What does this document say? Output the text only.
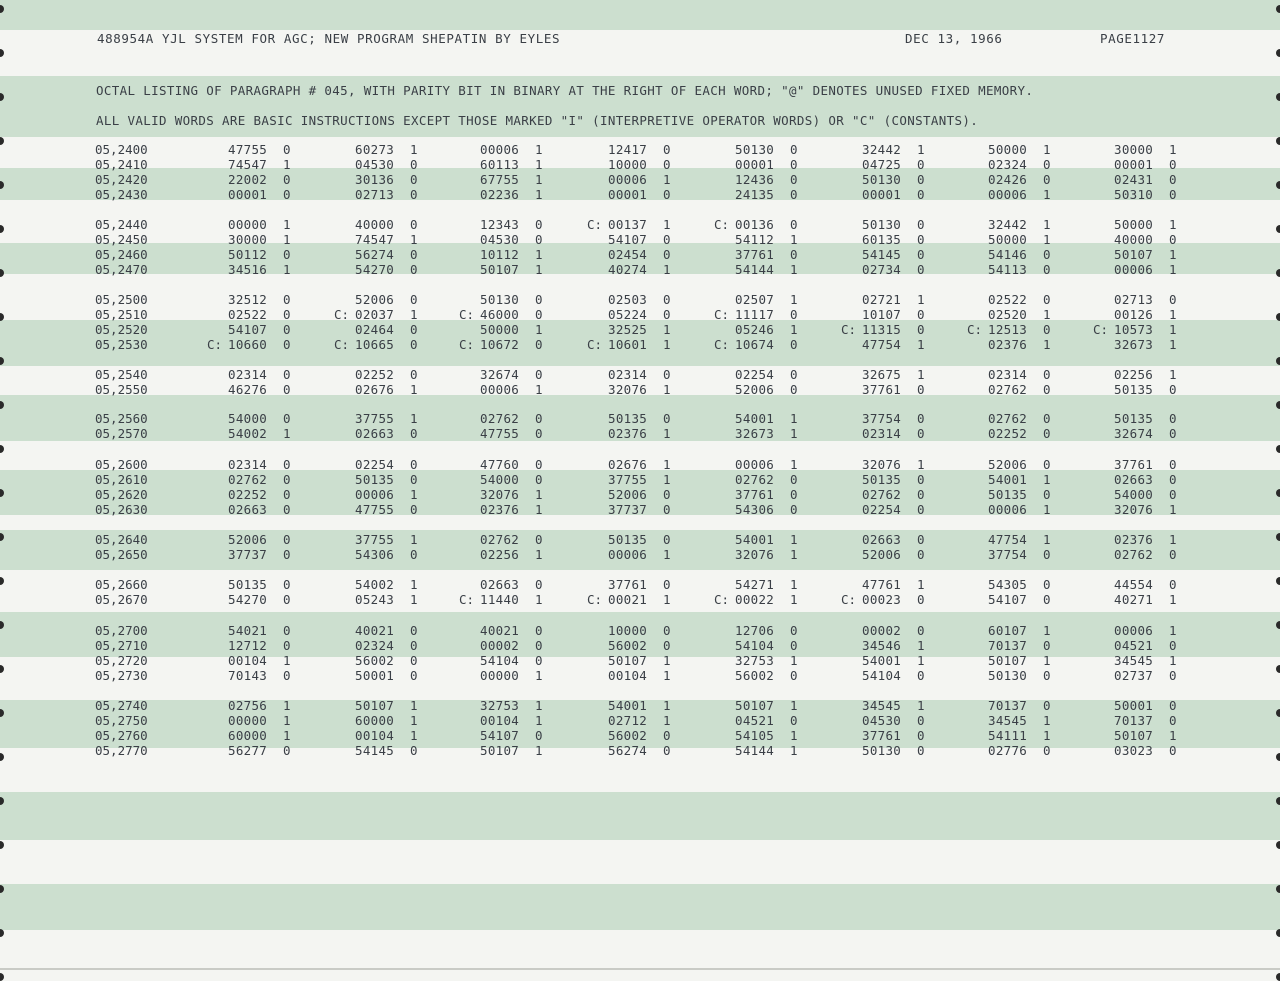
488954A YJL SYSTEM FOR AGC; NEW PROGRAM SHEPATIN BY EYLES	DEC 13, 1966	PAGE1127
OCTAL LISTING OF PARAGRAPH # 045, WITH PARITY BIT IN BINARY AT THE RIGHT OF EACH WORD; "@" DENOTES UNUSED FIXED MEMORY.
ALL VALID WORDS ARE BASIC INSTRUCTIONS EXCEPT THOSE MARKED "I" (INTERPRETIVE OPERATOR WORDS) OR "C" (CONSTANTS).
05,2400	47755 0	60273 1	00006 1	12417 0	50130 0	32442 1	50000 1	30000 1
05,2410	74547 1	04530 0	60113 1	10000 0	00001 0	04725 0	02324 0	00001 0
05,2420	22002 0	30136 0	67755 1	00006 1	12436 0	50130 0	02426 0	02431 0
05,2430	00001 0	02713 0	02236 1	00001 0	24135 0	00001 0	00006 1	50310 0
05,2440	00000 1	40000 0	12343 0	C: 00137 1	C: 00136 0	50130 0	32442 1	50000 1
05,2450	30000 1	74547 1	04530 0	54107 0	54112 1	60135 0	50000 1	40000 0
05,2460	50112 0	56274 0	10112 1	02454 0	37761 0	54145 0	54146 0	50107 1
05,2470	34516 1	54270 0	50107 1	40274 1	54144 1	02734 0	54113 0	00006 1
05,2500	32512 0	52006 0	50130 0	02503 0	02507 1	02721 1	02522 0	02713 0
05,2510	02522 0	C: 02037 1	C: 46000 0	05224 0	C: 11117 0	10107 0	02520 1	00126 1
05,2520	54107 0	02464 0	50000 1	32525 1	05246 1	C: 11315 0	C: 12513 0	C: 10573 1
05,2530	C: 10660 0	C: 10665 0	C: 10672 0	C: 10601 1	C: 10674 0	47754 1	02376 1	32673 1
05,2540	02314 0	02252 0	32674 0	02314 0	02254 0	32675 1	02314 0	02256 1
05,2550	46276 0	02676 1	00006 1	32076 1	52006 0	37761 0	02762 0	50135 0
05,2560	54000 0	37755 1	02762 0	50135 0	54001 1	37754 0	02762 0	50135 0
05,2570	54002 1	02663 0	47755 0	02376 1	32673 1	02314 0	02252 0	32674 0
05,2600	02314 0	02254 0	47760 0	02676 1	00006 1	32076 1	52006 0	37761 0
05,2610	02762 0	50135 0	54000 0	37755 1	02762 0	50135 0	54001 1	02663 0
05,2620	02252 0	00006 1	32076 1	52006 0	37761 0	02762 0	50135 0	54000 0
05,2630	02663 0	47755 0	02376 1	37737 0	54306 0	02254 0	00006 1	32076 1
05,2640	52006 0	37755 1	02762 0	50135 0	54001 1	02663 0	47754 1	02376 1
05,2650	37737 0	54306 0	02256 1	00006 1	32076 1	52006 0	37754 0	02762 0
05,2660	50135 0	54002 1	02663 0	37761 0	54271 1	47761 1	54305 0	44554 0
05,2670	54270 0	05243 1	C: 11440 1	C: 00021 1	C: 00022 1	C: 00023 0	54107 0	40271 1
05,2700	54021 0	40021 0	40021 0	10000 0	12706 0	00002 0	60107 1	00006 1
05,2710	12712 0	02324 0	00002 0	56002 0	54104 0	34546 1	70137 0	04521 0
05,2720	00104 1	56002 0	54104 0	50107 1	32753 1	54001 1	50107 1	34545 1
05,2730	70143 0	50001 0	00000 1	00104 1	56002 0	54104 0	50130 0	02737 0
05,2740	02756 1	50107 1	32753 1	54001 1	50107 1	34545 1	70137 0	50001 0
05,2750	00000 1	60000 1	00104 1	02712 1	04521 0	04530 0	34545 1	70137 0
05,2760	60000 1	00104 1	54107 0	56002 0	54105 1	37761 0	54111 1	50107 1
05,2770	56277 0	54145 0	50107 1	56274 0	54144 1	50130 0	02776 0	03023 0
